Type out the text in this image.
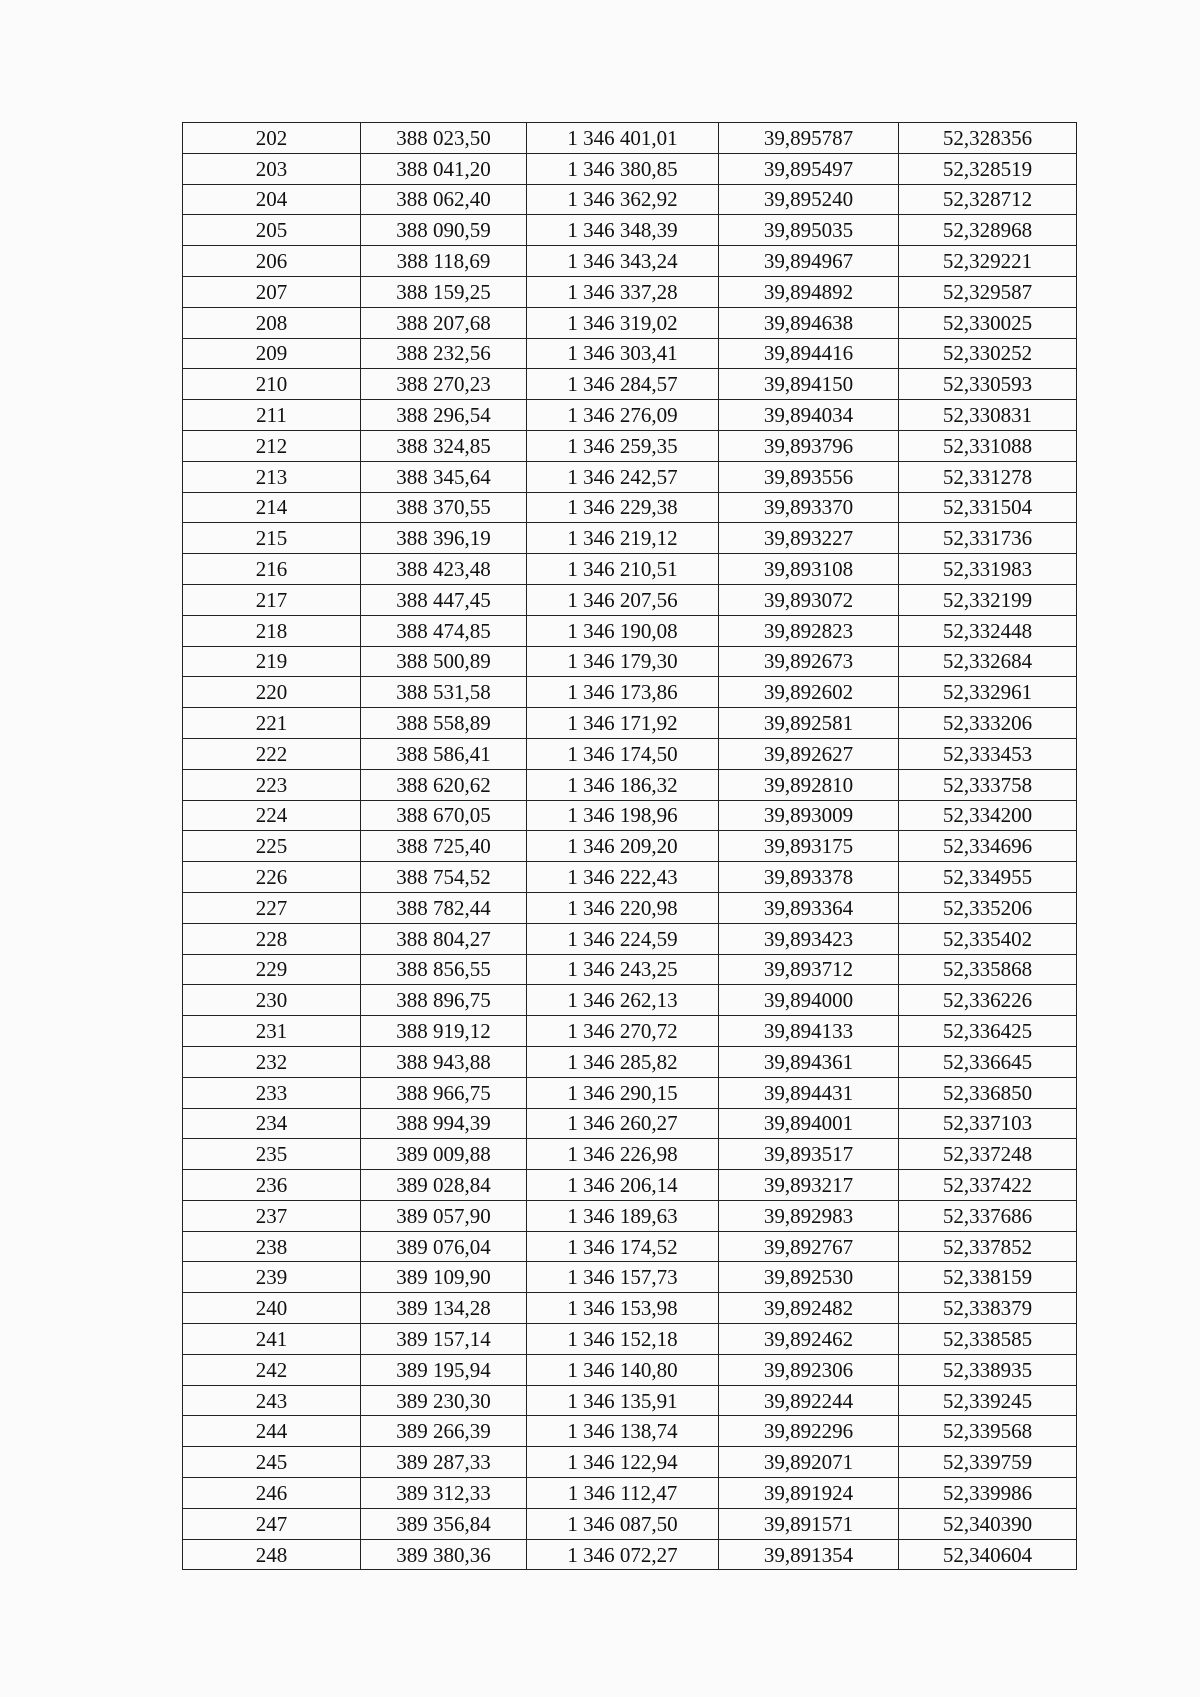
202	388 023,50	1 346 401,01	39,895787	52,328356
203	388 041,20	1 346 380,85	39,895497	52,328519
204	388 062,40	1 346 362,92	39,895240	52,328712
205	388 090,59	1 346 348,39	39,895035	52,328968
206	388 118,69	1 346 343,24	39,894967	52,329221
207	388 159,25	1 346 337,28	39,894892	52,329587
208	388 207,68	1 346 319,02	39,894638	52,330025
209	388 232,56	1 346 303,41	39,894416	52,330252
210	388 270,23	1 346 284,57	39,894150	52,330593
211	388 296,54	1 346 276,09	39,894034	52,330831
212	388 324,85	1 346 259,35	39,893796	52,331088
213	388 345,64	1 346 242,57	39,893556	52,331278
214	388 370,55	1 346 229,38	39,893370	52,331504
215	388 396,19	1 346 219,12	39,893227	52,331736
216	388 423,48	1 346 210,51	39,893108	52,331983
217	388 447,45	1 346 207,56	39,893072	52,332199
218	388 474,85	1 346 190,08	39,892823	52,332448
219	388 500,89	1 346 179,30	39,892673	52,332684
220	388 531,58	1 346 173,86	39,892602	52,332961
221	388 558,89	1 346 171,92	39,892581	52,333206
222	388 586,41	1 346 174,50	39,892627	52,333453
223	388 620,62	1 346 186,32	39,892810	52,333758
224	388 670,05	1 346 198,96	39,893009	52,334200
225	388 725,40	1 346 209,20	39,893175	52,334696
226	388 754,52	1 346 222,43	39,893378	52,334955
227	388 782,44	1 346 220,98	39,893364	52,335206
228	388 804,27	1 346 224,59	39,893423	52,335402
229	388 856,55	1 346 243,25	39,893712	52,335868
230	388 896,75	1 346 262,13	39,894000	52,336226
231	388 919,12	1 346 270,72	39,894133	52,336425
232	388 943,88	1 346 285,82	39,894361	52,336645
233	388 966,75	1 346 290,15	39,894431	52,336850
234	388 994,39	1 346 260,27	39,894001	52,337103
235	389 009,88	1 346 226,98	39,893517	52,337248
236	389 028,84	1 346 206,14	39,893217	52,337422
237	389 057,90	1 346 189,63	39,892983	52,337686
238	389 076,04	1 346 174,52	39,892767	52,337852
239	389 109,90	1 346 157,73	39,892530	52,338159
240	389 134,28	1 346 153,98	39,892482	52,338379
241	389 157,14	1 346 152,18	39,892462	52,338585
242	389 195,94	1 346 140,80	39,892306	52,338935
243	389 230,30	1 346 135,91	39,892244	52,339245
244	389 266,39	1 346 138,74	39,892296	52,339568
245	389 287,33	1 346 122,94	39,892071	52,339759
246	389 312,33	1 346 112,47	39,891924	52,339986
247	389 356,84	1 346 087,50	39,891571	52,340390
248	389 380,36	1 346 072,27	39,891354	52,340604
